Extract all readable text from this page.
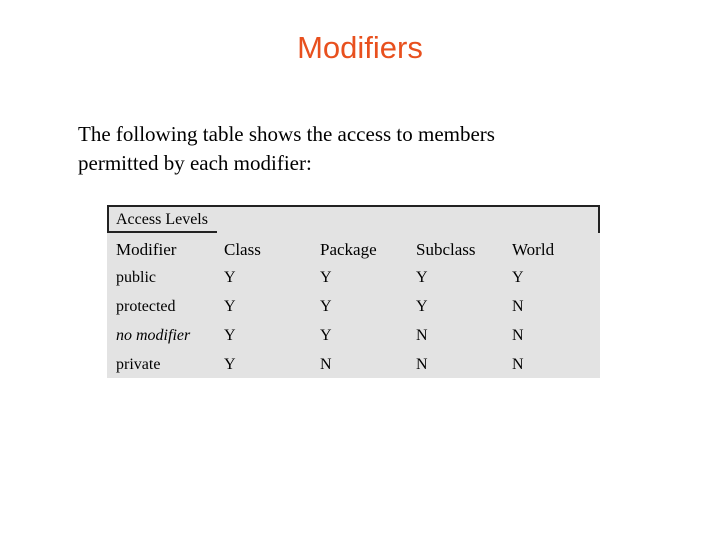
Modifiers
The following table shows the access to members
permitted by each modifier:
Access Levels
Modifier	Class	Package	Subclass	World
public	Y	Y	Y	Y
protected	Y	Y	Y	N
no modifier	Y	Y	N	N
private	Y	N	N	N
